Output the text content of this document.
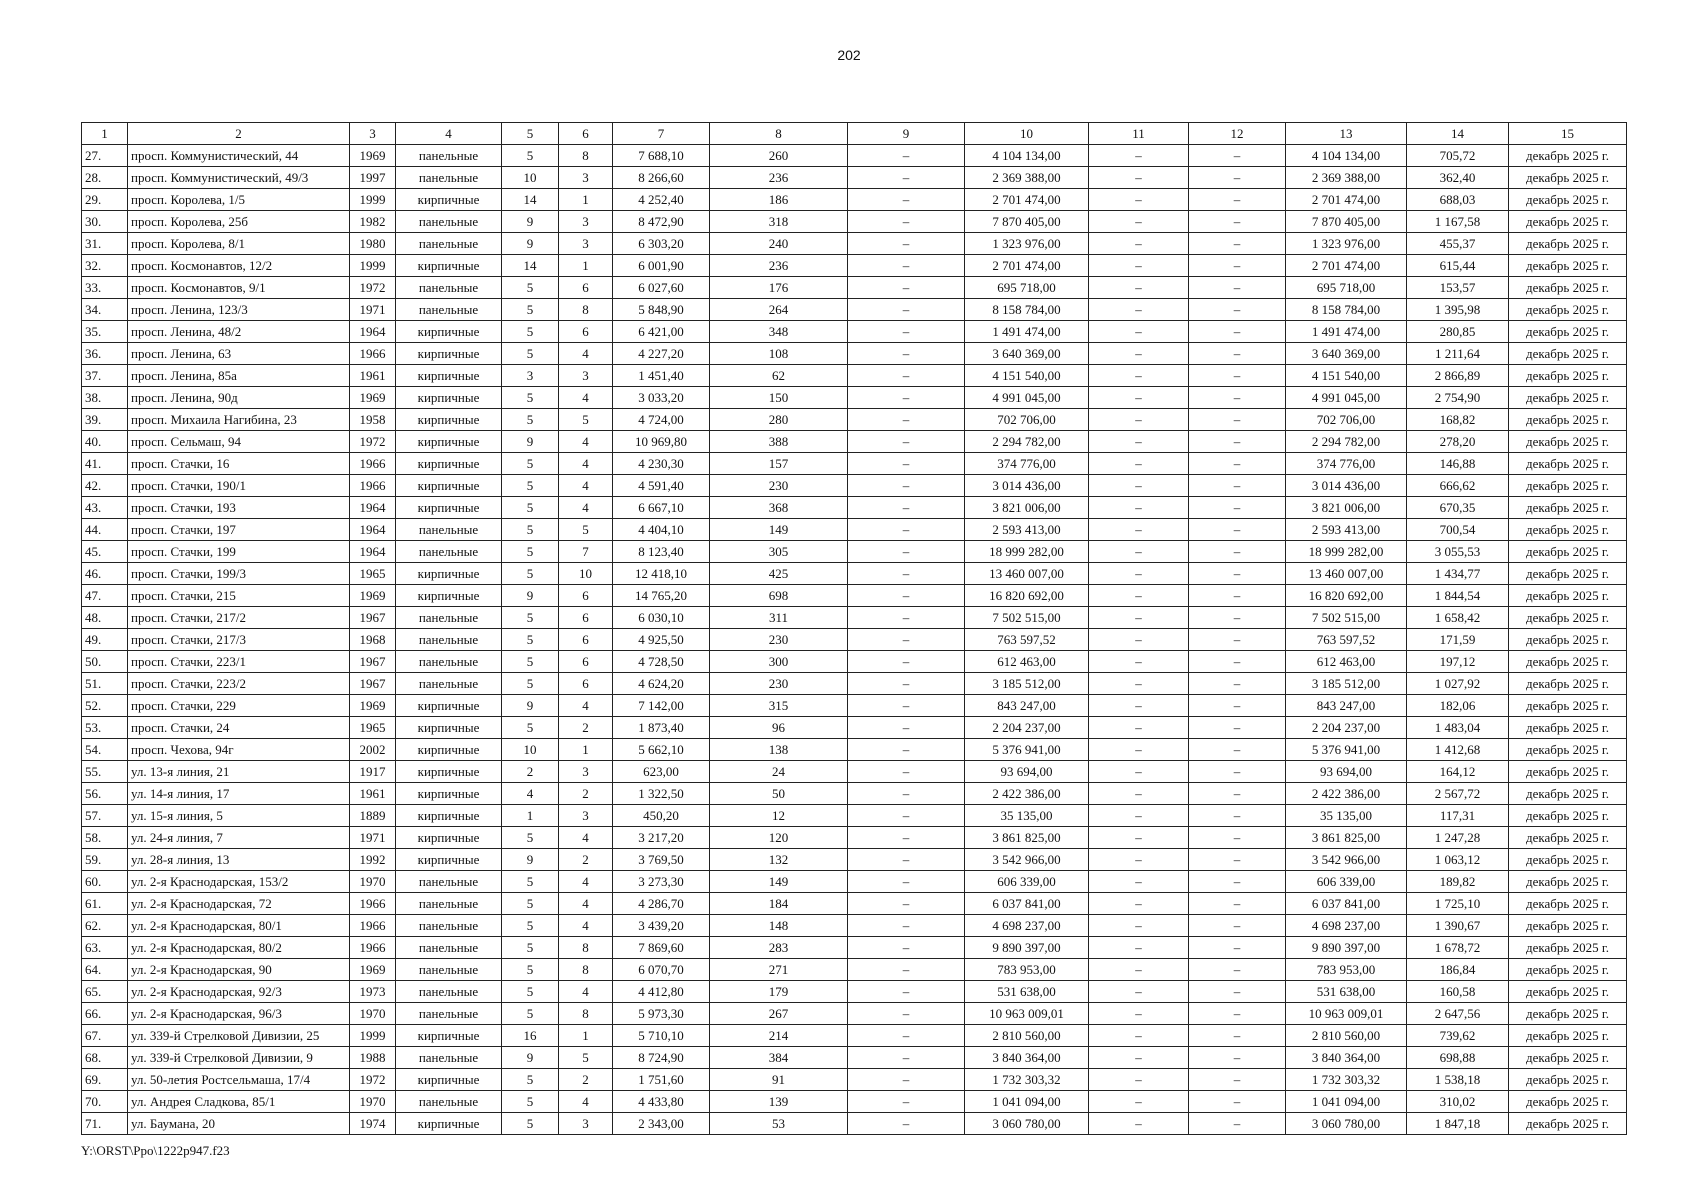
202
1	2	3	4	5	6	7	8	9	10	11	12	13	14	15
27.	просп. Коммунистический, 44	1969	панельные	5	8	7 688,10	260	–	4 104 134,00	–	–	4 104 134,00	705,72	декабрь 2025 г.
28.	просп. Коммунистический, 49/3	1997	панельные	10	3	8 266,60	236	–	2 369 388,00	–	–	2 369 388,00	362,40	декабрь 2025 г.
29.	просп. Королева, 1/5	1999	кирпичные	14	1	4 252,40	186	–	2 701 474,00	–	–	2 701 474,00	688,03	декабрь 2025 г.
30.	просп. Королева, 25б	1982	панельные	9	3	8 472,90	318	–	7 870 405,00	–	–	7 870 405,00	1 167,58	декабрь 2025 г.
31.	просп. Королева, 8/1	1980	панельные	9	3	6 303,20	240	–	1 323 976,00	–	–	1 323 976,00	455,37	декабрь 2025 г.
32.	просп. Космонавтов, 12/2	1999	кирпичные	14	1	6 001,90	236	–	2 701 474,00	–	–	2 701 474,00	615,44	декабрь 2025 г.
33.	просп. Космонавтов, 9/1	1972	панельные	5	6	6 027,60	176	–	695 718,00	–	–	695 718,00	153,57	декабрь 2025 г.
34.	просп. Ленина, 123/3	1971	панельные	5	8	5 848,90	264	–	8 158 784,00	–	–	8 158 784,00	1 395,98	декабрь 2025 г.
35.	просп. Ленина, 48/2	1964	кирпичные	5	6	6 421,00	348	–	1 491 474,00	–	–	1 491 474,00	280,85	декабрь 2025 г.
36.	просп. Ленина, 63	1966	кирпичные	5	4	4 227,20	108	–	3 640 369,00	–	–	3 640 369,00	1 211,64	декабрь 2025 г.
37.	просп. Ленина, 85а	1961	кирпичные	3	3	1 451,40	62	–	4 151 540,00	–	–	4 151 540,00	2 866,89	декабрь 2025 г.
38.	просп. Ленина, 90д	1969	кирпичные	5	4	3 033,20	150	–	4 991 045,00	–	–	4 991 045,00	2 754,90	декабрь 2025 г.
39.	просп. Михаила Нагибина, 23	1958	кирпичные	5	5	4 724,00	280	–	702 706,00	–	–	702 706,00	168,82	декабрь 2025 г.
40.	просп. Сельмаш, 94	1972	кирпичные	9	4	10 969,80	388	–	2 294 782,00	–	–	2 294 782,00	278,20	декабрь 2025 г.
41.	просп. Стачки, 16	1966	кирпичные	5	4	4 230,30	157	–	374 776,00	–	–	374 776,00	146,88	декабрь 2025 г.
42.	просп. Стачки, 190/1	1966	кирпичные	5	4	4 591,40	230	–	3 014 436,00	–	–	3 014 436,00	666,62	декабрь 2025 г.
43.	просп. Стачки, 193	1964	кирпичные	5	4	6 667,10	368	–	3 821 006,00	–	–	3 821 006,00	670,35	декабрь 2025 г.
44.	просп. Стачки, 197	1964	панельные	5	5	4 404,10	149	–	2 593 413,00	–	–	2 593 413,00	700,54	декабрь 2025 г.
45.	просп. Стачки, 199	1964	панельные	5	7	8 123,40	305	–	18 999 282,00	–	–	18 999 282,00	3 055,53	декабрь 2025 г.
46.	просп. Стачки, 199/3	1965	кирпичные	5	10	12 418,10	425	–	13 460 007,00	–	–	13 460 007,00	1 434,77	декабрь 2025 г.
47.	просп. Стачки, 215	1969	кирпичные	9	6	14 765,20	698	–	16 820 692,00	–	–	16 820 692,00	1 844,54	декабрь 2025 г.
48.	просп. Стачки, 217/2	1967	панельные	5	6	6 030,10	311	–	7 502 515,00	–	–	7 502 515,00	1 658,42	декабрь 2025 г.
49.	просп. Стачки, 217/3	1968	панельные	5	6	4 925,50	230	–	763 597,52	–	–	763 597,52	171,59	декабрь 2025 г.
50.	просп. Стачки, 223/1	1967	панельные	5	6	4 728,50	300	–	612 463,00	–	–	612 463,00	197,12	декабрь 2025 г.
51.	просп. Стачки, 223/2	1967	панельные	5	6	4 624,20	230	–	3 185 512,00	–	–	3 185 512,00	1 027,92	декабрь 2025 г.
52.	просп. Стачки, 229	1969	кирпичные	9	4	7 142,00	315	–	843 247,00	–	–	843 247,00	182,06	декабрь 2025 г.
53.	просп. Стачки, 24	1965	кирпичные	5	2	1 873,40	96	–	2 204 237,00	–	–	2 204 237,00	1 483,04	декабрь 2025 г.
54.	просп. Чехова, 94г	2002	кирпичные	10	1	5 662,10	138	–	5 376 941,00	–	–	5 376 941,00	1 412,68	декабрь 2025 г.
55.	ул. 13-я линия, 21	1917	кирпичные	2	3	623,00	24	–	93 694,00	–	–	93 694,00	164,12	декабрь 2025 г.
56.	ул. 14-я линия, 17	1961	кирпичные	4	2	1 322,50	50	–	2 422 386,00	–	–	2 422 386,00	2 567,72	декабрь 2025 г.
57.	ул. 15-я линия, 5	1889	кирпичные	1	3	450,20	12	–	35 135,00	–	–	35 135,00	117,31	декабрь 2025 г.
58.	ул. 24-я линия, 7	1971	кирпичные	5	4	3 217,20	120	–	3 861 825,00	–	–	3 861 825,00	1 247,28	декабрь 2025 г.
59.	ул. 28-я линия, 13	1992	кирпичные	9	2	3 769,50	132	–	3 542 966,00	–	–	3 542 966,00	1 063,12	декабрь 2025 г.
60.	ул. 2-я Краснодарская, 153/2	1970	панельные	5	4	3 273,30	149	–	606 339,00	–	–	606 339,00	189,82	декабрь 2025 г.
61.	ул. 2-я Краснодарская, 72	1966	панельные	5	4	4 286,70	184	–	6 037 841,00	–	–	6 037 841,00	1 725,10	декабрь 2025 г.
62.	ул. 2-я Краснодарская, 80/1	1966	панельные	5	4	3 439,20	148	–	4 698 237,00	–	–	4 698 237,00	1 390,67	декабрь 2025 г.
63.	ул. 2-я Краснодарская, 80/2	1966	панельные	5	8	7 869,60	283	–	9 890 397,00	–	–	9 890 397,00	1 678,72	декабрь 2025 г.
64.	ул. 2-я Краснодарская, 90	1969	панельные	5	8	6 070,70	271	–	783 953,00	–	–	783 953,00	186,84	декабрь 2025 г.
65.	ул. 2-я Краснодарская, 92/3	1973	панельные	5	4	4 412,80	179	–	531 638,00	–	–	531 638,00	160,58	декабрь 2025 г.
66.	ул. 2-я Краснодарская, 96/3	1970	панельные	5	8	5 973,30	267	–	10 963 009,01	–	–	10 963 009,01	2 647,56	декабрь 2025 г.
67.	ул. 339-й Стрелковой Дивизии, 25	1999	кирпичные	16	1	5 710,10	214	–	2 810 560,00	–	–	2 810 560,00	739,62	декабрь 2025 г.
68.	ул. 339-й Стрелковой Дивизии, 9	1988	панельные	9	5	8 724,90	384	–	3 840 364,00	–	–	3 840 364,00	698,88	декабрь 2025 г.
69.	ул. 50-летия Ростсельмаша, 17/4	1972	кирпичные	5	2	1 751,60	91	–	1 732 303,32	–	–	1 732 303,32	1 538,18	декабрь 2025 г.
70.	ул. Андрея Сладкова, 85/1	1970	панельные	5	4	4 433,80	139	–	1 041 094,00	–	–	1 041 094,00	310,02	декабрь 2025 г.
71.	ул. Баумана, 20	1974	кирпичные	5	3	2 343,00	53	–	3 060 780,00	–	–	3 060 780,00	1 847,18	декабрь 2025 г.
Y:\ORST\Ppo\1222p947.f23
